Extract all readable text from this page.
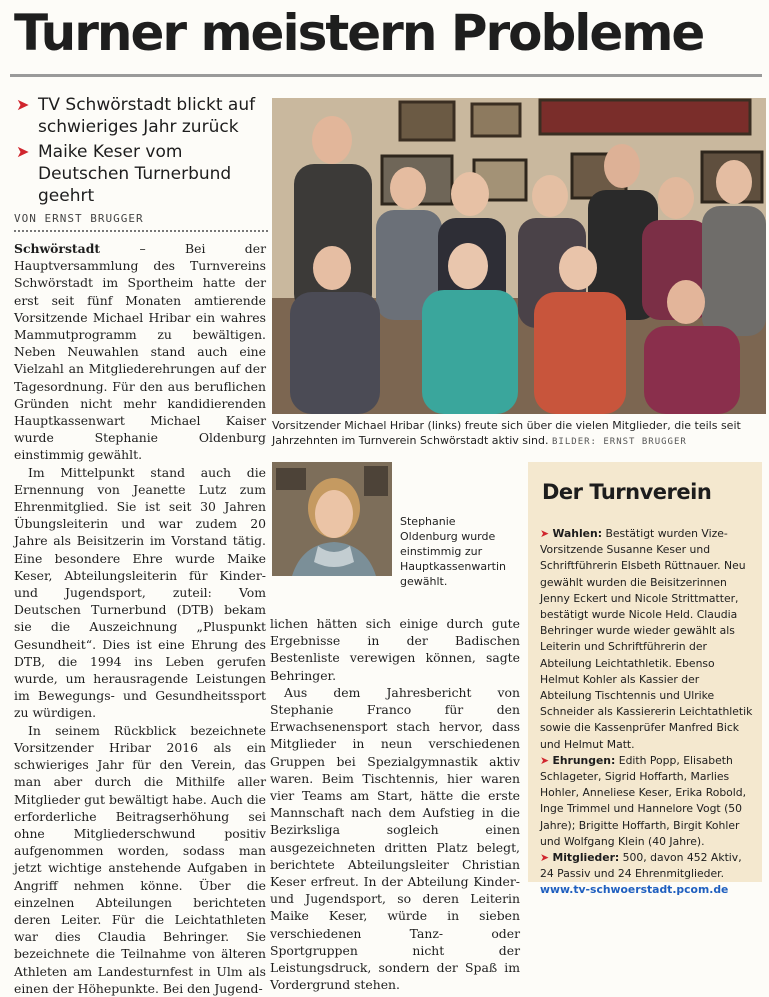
Turner meistern Probleme
➤ TV Schwörstadt blickt auf schwieriges Jahr zurück
➤ Maike Keser vom Deutschen Turnerbund geehrt
VON ERNST BRUGGER

Schwörstadt – Bei der Hauptversammlung des Turnvereins Schwörstadt im Sportheim hatte der erst seit fünf Monaten amtierende Vorsitzende Michael Hribar ein wahres Mammutprogramm zu bewältigen. Neben Neuwahlen stand auch eine Vielzahl an Mitgliederehrungen auf der Tagesordnung. Für den aus beruflichen Gründen nicht mehr kandidierenden Hauptkassenwart Michael Kaiser wurde Stephanie Oldenburg einstimmig gewählt.

Im Mittelpunkt stand auch die Ernennung von Jeanette Lutz zum Ehrenmitglied. Sie ist seit 30 Jahren Übungsleiterin und war zudem 20 Jahre als Beisitzerin im Vorstand tätig. Eine besondere Ehre wurde Maike Keser, Abteilungsleiterin für Kinder- und Jugendsport, zuteil: Vom Deutschen Turnerbund (DTB) bekam sie die Auszeichnung „Pluspunkt Gesundheit“. Dies ist eine Ehrung des DTB, die 1994 ins Leben gerufen wurde, um herausragende Leistungen im Bewegungs- und Gesundheitssport zu würdigen.

In seinem Rückblick bezeichnete Vorsitzender Hribar 2016 als ein schwieriges Jahr für den Verein, das man aber durch die Mithilfe aller Mitglieder gut bewältigt habe. Auch die erforderliche Beitragserhöhung sei ohne Mitgliederschwund positiv aufgenommen worden, sodass man jetzt wichtige anstehende Aufgaben in Angriff nehmen könne. Über die einzelnen Abteilungen berichteten deren Leiter. Für die Leichtathleten war dies Claudia Behringer. Sie bezeichnete die Teilnahme von älteren Athleten am Landesturnfest in Ulm als einen der Höhepunkte. Bei den Jugend-

Vorsitzender Michael Hribar (links) freute sich über die vielen Mitglieder, die teils seit Jahrzehnten im Turnverein Schwörstadt aktiv sind. BILDER: ERNST BRUGGER
Stephanie Oldenburg wurde einstimmig zur Hauptkassenwartin gewählt.

lichen hätten sich einige durch gute Ergebnisse in der Badischen Bestenliste verewigen können, sagte Behringer.

Aus dem Jahresbericht von Stephanie Franco für den Erwachsenensport stach hervor, dass Mitglieder in neun verschiedenen Gruppen bei Spezialgymnastik aktiv waren. Beim Tischtennis, hier waren vier Teams am Start, hätte die erste Mannschaft nach dem Aufstieg in die Bezirksliga sogleich einen ausgezeichneten dritten Platz belegt, berichtete Abteilungsleiter Christian Keser erfreut. In der Abteilung Kinder- und Jugendsport, so deren Leiterin Maike Keser, würde in sieben verschiedenen Tanz- oder Sportgruppen nicht der Leistungsdruck, sondern der Spaß im Vordergrund stehen.

Der Turnverein

➤ Wahlen: Bestätigt wurden Vize-Vorsitzende Susanne Keser und Schriftführerin Elsbeth Rüttnauer. Neu gewählt wurden die Beisitzerinnen Jenny Eckert und Nicole Strittmatter, bestätigt wurde Nicole Held. Claudia Behringer wurde wieder gewählt als Leiterin und Schriftführerin der Abteilung Leichtathletik. Ebenso Helmut Kohler als Kassier der Abteilung Tischtennis und Ulrike Schneider als Kassiererin Leichtathletik sowie die Kassenprüfer Manfred Bick und Helmut Matt.

➤ Ehrungen: Edith Popp, Elisabeth Schlageter, Sigrid Hoffarth, Marlies Hohler, Anneliese Keser, Erika Robold, Inge Trimmel und Hannelore Vogt (50 Jahre); Brigitte Hoffarth, Birgit Kohler und Wolfgang Klein (40 Jahre).

➤ Mitglieder: 500, davon 452 Aktiv, 24 Passiv und 24 Ehrenmitglieder.

www.tv-schwoerstadt.pcom.de
